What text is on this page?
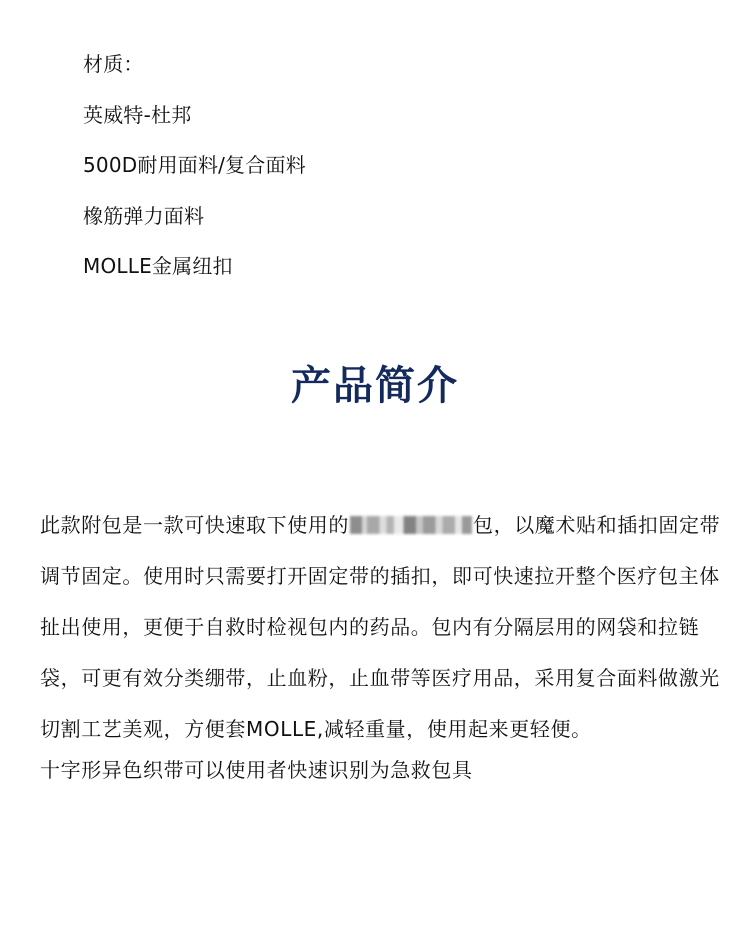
材质：
英威特-杜邦
500D耐用面料/复合面料
橡筋弹力面料
MOLLE金属纽扣
产品简介

此款附包是一款可快速取下使用的	包，以魔术贴和插扣固定带调节固定。使用时只需要打开固定带的插扣，即可快速拉开整个医疗包主体扯出使用，更便于自救时检视包内的药品。包内有分隔层用的网袋和拉链袋，可更有效分类绷带，止血粉，止血带等医疗用品，采用复合面料做激光切割工艺美观，方便套MOLLE,减轻重量，使用起来更轻便。

十字形异色织带可以使用者快速识别为急救包具
